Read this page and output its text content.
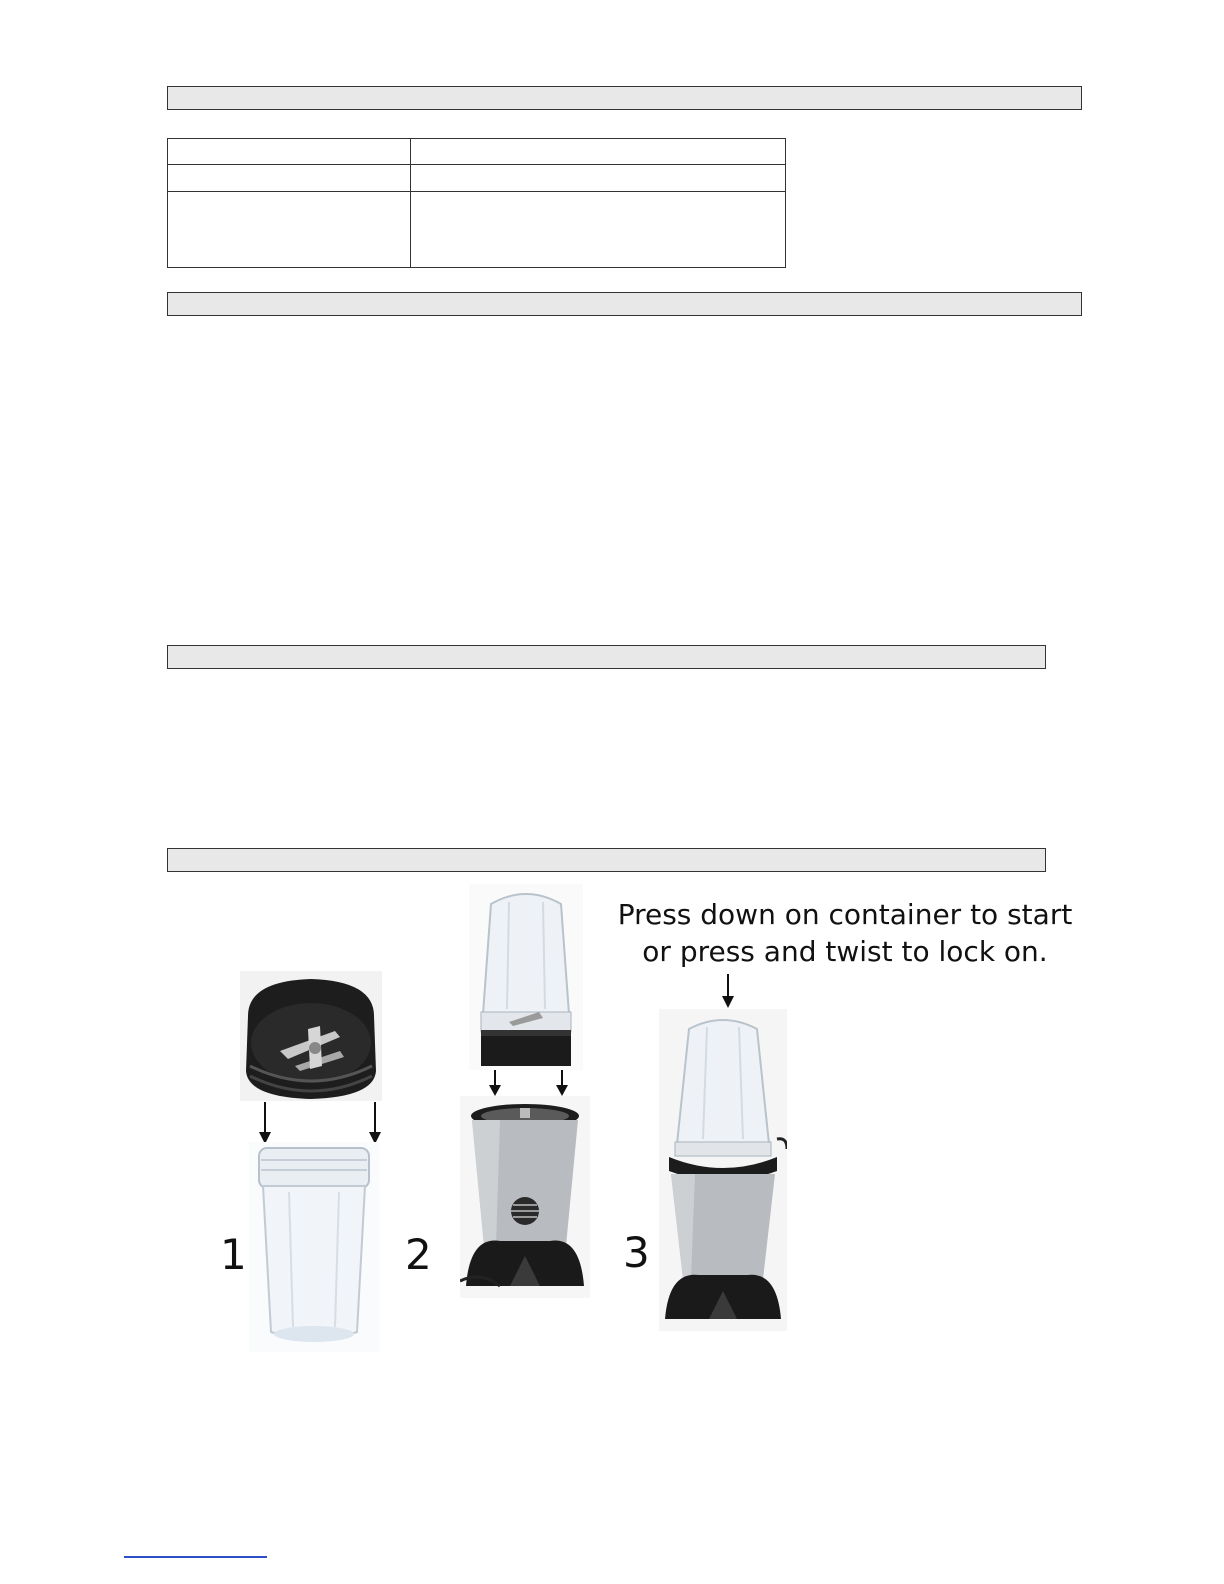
Press down on container to start
or press and twist to lock on.
1	2	3
